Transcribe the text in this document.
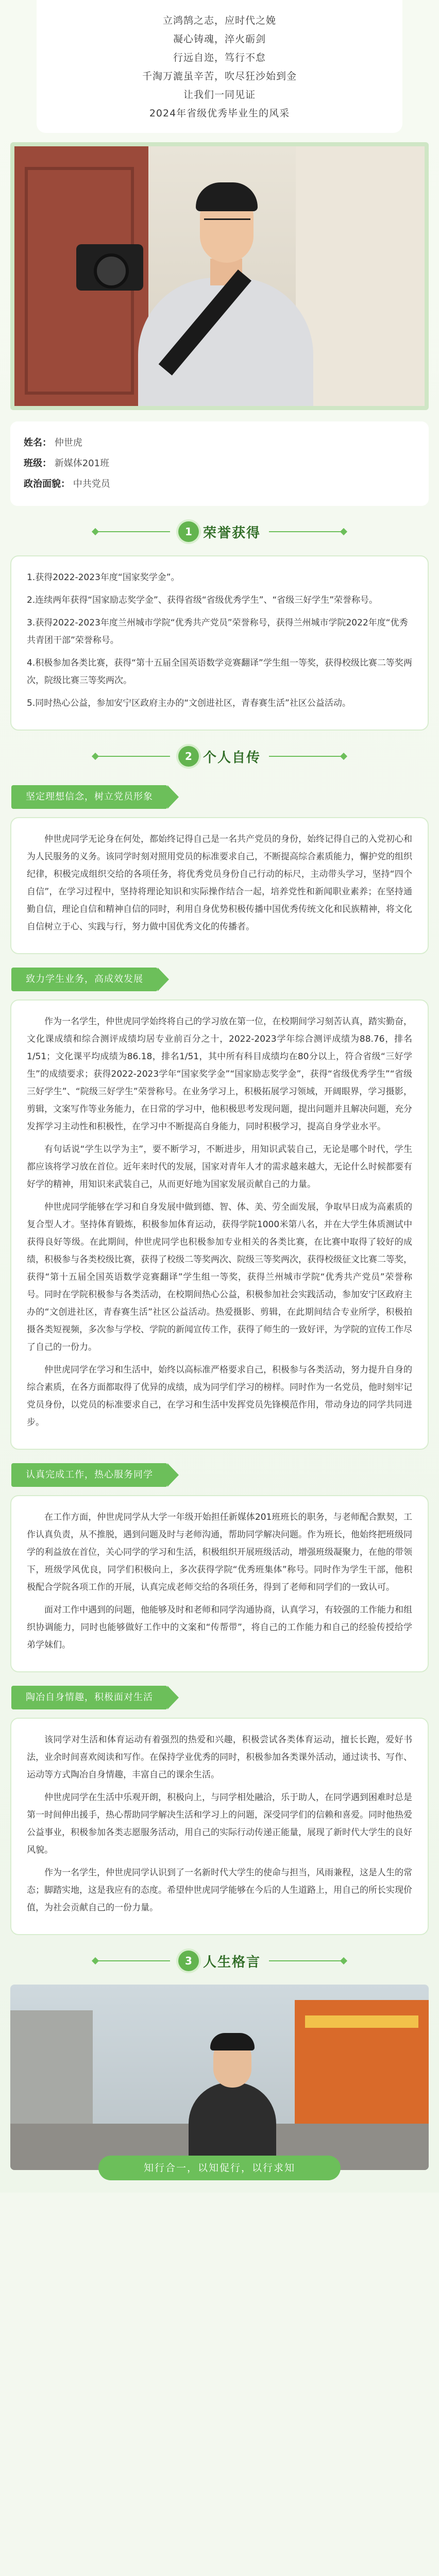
立鸿鹄之志，应时代之娩

凝心铸魂，淬火砺剑

行远自迩，笃行不怠

千淘万漉虽辛苦，吹尽狂沙始到金

让我们一同见证

2024年省级优秀毕业生的风采

姓名： 仲世虎
班级： 新媒体201班
政治面貌： 中共党员
1 荣誉获得

1.获得2022-2023年度“国家奖学金”。

2.连续两年获得“国家励志奖学金”、获得省级“省级优秀学生”、“省级三好学生”荣誉称号。

3.获得2022-2023年度兰州城市学院“优秀共产党员”荣誉称号，获得兰州城市学院2022年度“优秀共青团干部”荣誉称号。

4.积极参加各类比赛，获得“第十五届全国英语数学竞赛翻译”学生组一等奖，获得校级比赛二等奖两次，院级比赛三等奖两次。

5.同时热心公益，参加安宁区政府主办的“文创进社区，青春赛生活”社区公益活动。

2 个人自传
坚定理想信念，树立党员形象

仲世虎同学无论身在何处，都始终记得自己是一名共产党员的身份，始终记得自己的入党初心和为人民服务的义务。该同学时刻对照用党员的标准要求自己，不断提高综合素质能力，懈护党的组织纪律，积极完成组织交给的各项任务，将优秀党员身份自己行动的标尺，主动带头学习，坚持“四个自信”，在学习过程中，坚持将理论知识和实际操作结合一起，培养党性和新闻职业素养；在坚持通勤自信，理论自信和精神自信的同时，利用自身优势积极传播中国优秀传统文化和民族精神，将文化自信树立于心、实践与行，努力做中国优秀文化的传播者。

致力学生业务，高成效发展

作为一名学生，仲世虎同学始终将自己的学习放在第一位，在校期间学习刻苦认真，踏实勤奋，文化课成绩和综合测评成绩均居专业前百分之十，2022-2023学年综合测评成绩为88.76，排名1/51；文化课平均成绩为86.18，排名1/51，其中所有科目成绩均在80分以上，符合省级“三好学生”的成绩要求；获得2022-2023学年“国家奖学金”“国家励志奖学金”，获得“省级优秀学生”“省级三好学生”、“院级三好学生”荣誉称号。在业务学习上，积极拓展学习领域，开阔眼界，学习摄影，剪辑，文案写作等业务能力，在日常的学习中，他积极思考发现问题，提出问题并且解决问题，充分发挥学习主动性和积极性，在学习中不断提高自身能力，同时积极学习，提高自身学业水平。

有句话说“学生以学为主”，要不断学习，不断进步，用知识武装自己，无论是哪个时代，学生都应该将学习放在首位。近年来时代的发展，国家对青年人才的需求越来越大，无论什么时候都要有好学的精神，用知识来武装自己，从而更好地为国家发展贡献自己的力量。

仲世虎同学能够在学习和自身发展中做到德、智、体、美、劳全面发展，争取早日成为高素质的复合型人才。坚持体育锻炼，积极参加体育运动，获得学院1000米第八名，并在大学生体质测试中获得良好等级。在此期间，仲世虎同学也积极参加专业相关的各类比赛，在比赛中取得了较好的成绩，积极参与各类校级比赛，获得了校级二等奖两次、院级三等奖两次，获得校级征文比赛二等奖，获得“第十五届全国英语数学竞赛翻译”学生组一等奖，获得兰州城市学院“优秀共产党员”荣誉称号。同时在学院积极参与各类活动，在校期间热心公益，积极参加社会实践活动，参加安宁区政府主办的“文创进社区，青春赛生活”社区公益活动。热爱摄影、剪辑，在此期间结合专业所学，积极拍摄各类短视频，多次参与学校、学院的新闻宣传工作，获得了师生的一致好评，为学院的宣传工作尽了自己的一份力。

仲世虎同学在学习和生活中，始终以高标准严格要求自己，积极参与各类活动，努力提升自身的综合素质，在各方面都取得了优异的成绩，成为同学们学习的榜样。同时作为一名党员，他时刻牢记党员身份，以党员的标准要求自己，在学习和生活中发挥党员先锋模范作用，带动身边的同学共同进步。

认真完成工作，热心服务同学

在工作方面，仲世虎同学从大学一年级开始担任新媒体201班班长的职务，与老师配合默契，工作认真负责，从不推脱，遇到问题及时与老师沟通，帮助同学解决问题。作为班长，他始终把班级同学的利益放在首位，关心同学的学习和生活，积极组织开展班级活动，增强班级凝聚力，在他的带领下，班级学风优良，同学们积极向上，多次获得学院“优秀班集体”称号。同时作为学生干部，他积极配合学院各项工作的开展，认真完成老师交给的各项任务，得到了老师和同学们的一致认可。

面对工作中遇到的问题，他能够及时和老师和同学沟通协商，认真学习，有较强的工作能力和组织协调能力，同时也能够做好工作中的文案和“传帮带”，将自己的工作能力和自己的经验传授给学弟学妹们。

陶冶自身情趣，积极面对生活

该同学对生活和体育运动有着强烈的热爱和兴趣，积极尝试各类体育运动，擅长长跑，爱好书法，业余时间喜欢阅读和写作。在保持学业优秀的同时，积极参加各类课外活动，通过读书、写作、运动等方式陶冶自身情趣，丰富自己的课余生活。

仲世虎同学在生活中乐观开朗，积极向上，与同学相处融洽，乐于助人，在同学遇到困难时总是第一时间伸出援手，热心帮助同学解决生活和学习上的问题，深受同学们的信赖和喜爱。同时他热爱公益事业，积极参加各类志愿服务活动，用自己的实际行动传递正能量，展现了新时代大学生的良好风貌。

作为一名学生，仲世虎同学认识到了一名新时代大学生的使命与担当，风雨兼程，这是人生的常态；脚踏实地，这是我应有的态度。希望仲世虎同学能够在今后的人生道路上，用自己的所长实现价值，为社会贡献自己的一份力量。

3 人生格言
知行合一，以知促行，以行求知
